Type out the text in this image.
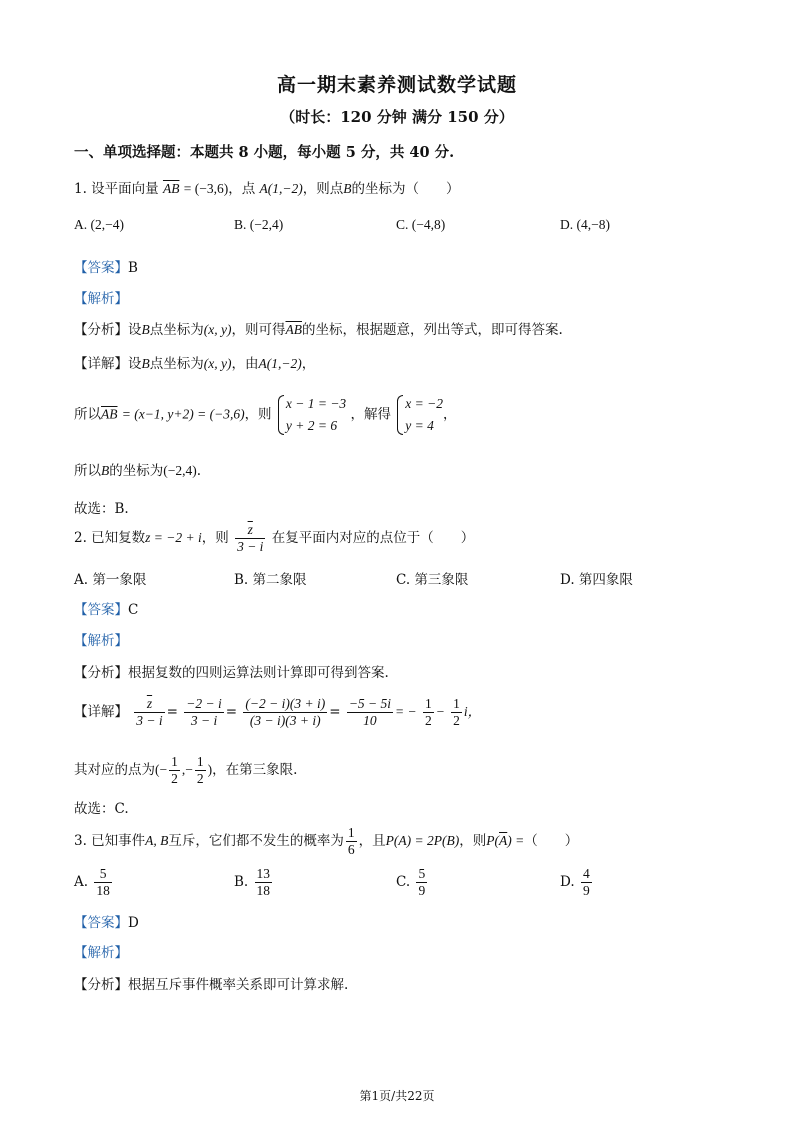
高一期末素养测试数学试题
（时长：120 分钟 满分 150 分）
一、单项选择题：本题共 8 小题，每小题 5 分，共 40 分.
1. 设平面向量 $\overline{AB} = (-3,6)$，点 A(1,−2)，则点B的坐标为（　　）
A. (2,−4)	B. (−2,4)	C. (−4,8)	D. (4,−8)
【答案】B
【解析】
【分析】设B点坐标为(x, y)，则可得$\overline{AB}$的坐标，根据题意，列出等式，即可得答案.
【详解】设B点坐标为(x, y)，由A(1,−2)，
所以$\overline{AB} = (x-1$, y+2) = (−3,6)，则
x − 1 = −3
y + 2 = 6
，解得
x = −2
y = 4
，
所以B的坐标为(−2,4).
故选：B.
2. 已知复数z = −2 + i，则 $\frac{\overline{z}}{3 - i}$ 在复平面内对应的点位于（　　）
A. 第一象限	B. 第二象限	C. 第三象限	D. 第四象限
【答案】C
【解析】
【分析】根据复数的四则运算法则计算即可得到答案.
【详解】 $\frac{\overline{z}}{3 - i} = \frac{-2 - i}{3 - i} = \frac{(-2 - i)(3 + i)}{(3 - i)(3 + i)} = \frac{-5 - 5i}{10}$ = − $\frac{1}{2} - \frac{1}{2}$ i，
其对应的点为(− $\frac{1}{2}$ ,− $\frac{1}{2}$ )，在第三象限.
故选：C.
3. 已知事件A, B互斥，它们都不发生的概率为 $\frac{1}{6}$ ，且P(A) = 2P(B)，则$P(\overline{A})$ =（　　）
A. $\frac{5}{18}$	B. $\frac{13}{18}$	C. $\frac{5}{9}$	D. $\frac{4}{9}$
【答案】D
【解析】
【分析】根据互斥事件概率关系即可计算求解.
第1页/共22页
